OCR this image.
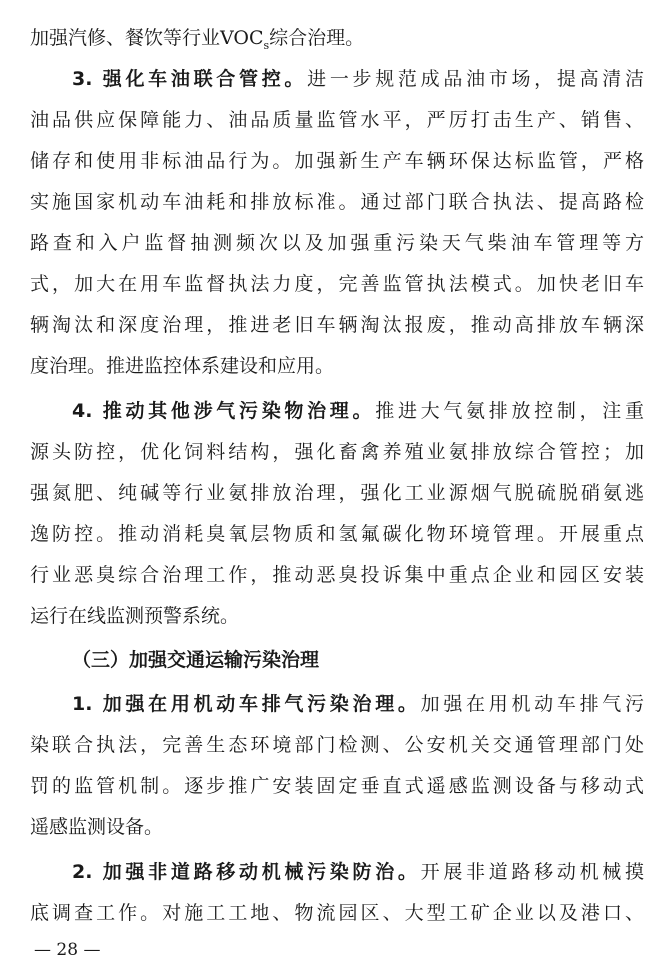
加强汽修、餐饮等行业$VOC_s$综合治理。
3. 强化车油联合管控。进一步规范成品油市场，提高清洁
油品供应保障能力、油品质量监管水平，严厉打击生产、销售、
储存和使用非标油品行为。加强新生产车辆环保达标监管，严格
实施国家机动车油耗和排放标准。通过部门联合执法、提高路检
路查和入户监督抽测频次以及加强重污染天气柴油车管理等方
式，加大在用车监督执法力度，完善监管执法模式。加快老旧车
辆淘汰和深度治理，推进老旧车辆淘汰报废，推动高排放车辆深
度治理。推进监控体系建设和应用。
4. 推动其他涉气污染物治理。推进大气氨排放控制，注重
源头防控，优化饲料结构，强化畜禽养殖业氨排放综合管控；加
强氮肥、纯碱等行业氨排放治理，强化工业源烟气脱硫脱硝氨逃
逸防控。推动消耗臭氧层物质和氢氟碳化物环境管理。开展重点
行业恶臭综合治理工作，推动恶臭投诉集中重点企业和园区安装
运行在线监测预警系统。
（三）加强交通运输污染治理
1. 加强在用机动车排气污染治理。加强在用机动车排气污
染联合执法，完善生态环境部门检测、公安机关交通管理部门处
罚的监管机制。逐步推广安装固定垂直式遥感监测设备与移动式
遥感监测设备。
2. 加强非道路移动机械污染防治。开展非道路移动机械摸
底调查工作。对施工工地、物流园区、大型工矿企业以及港口、
— 28 —
